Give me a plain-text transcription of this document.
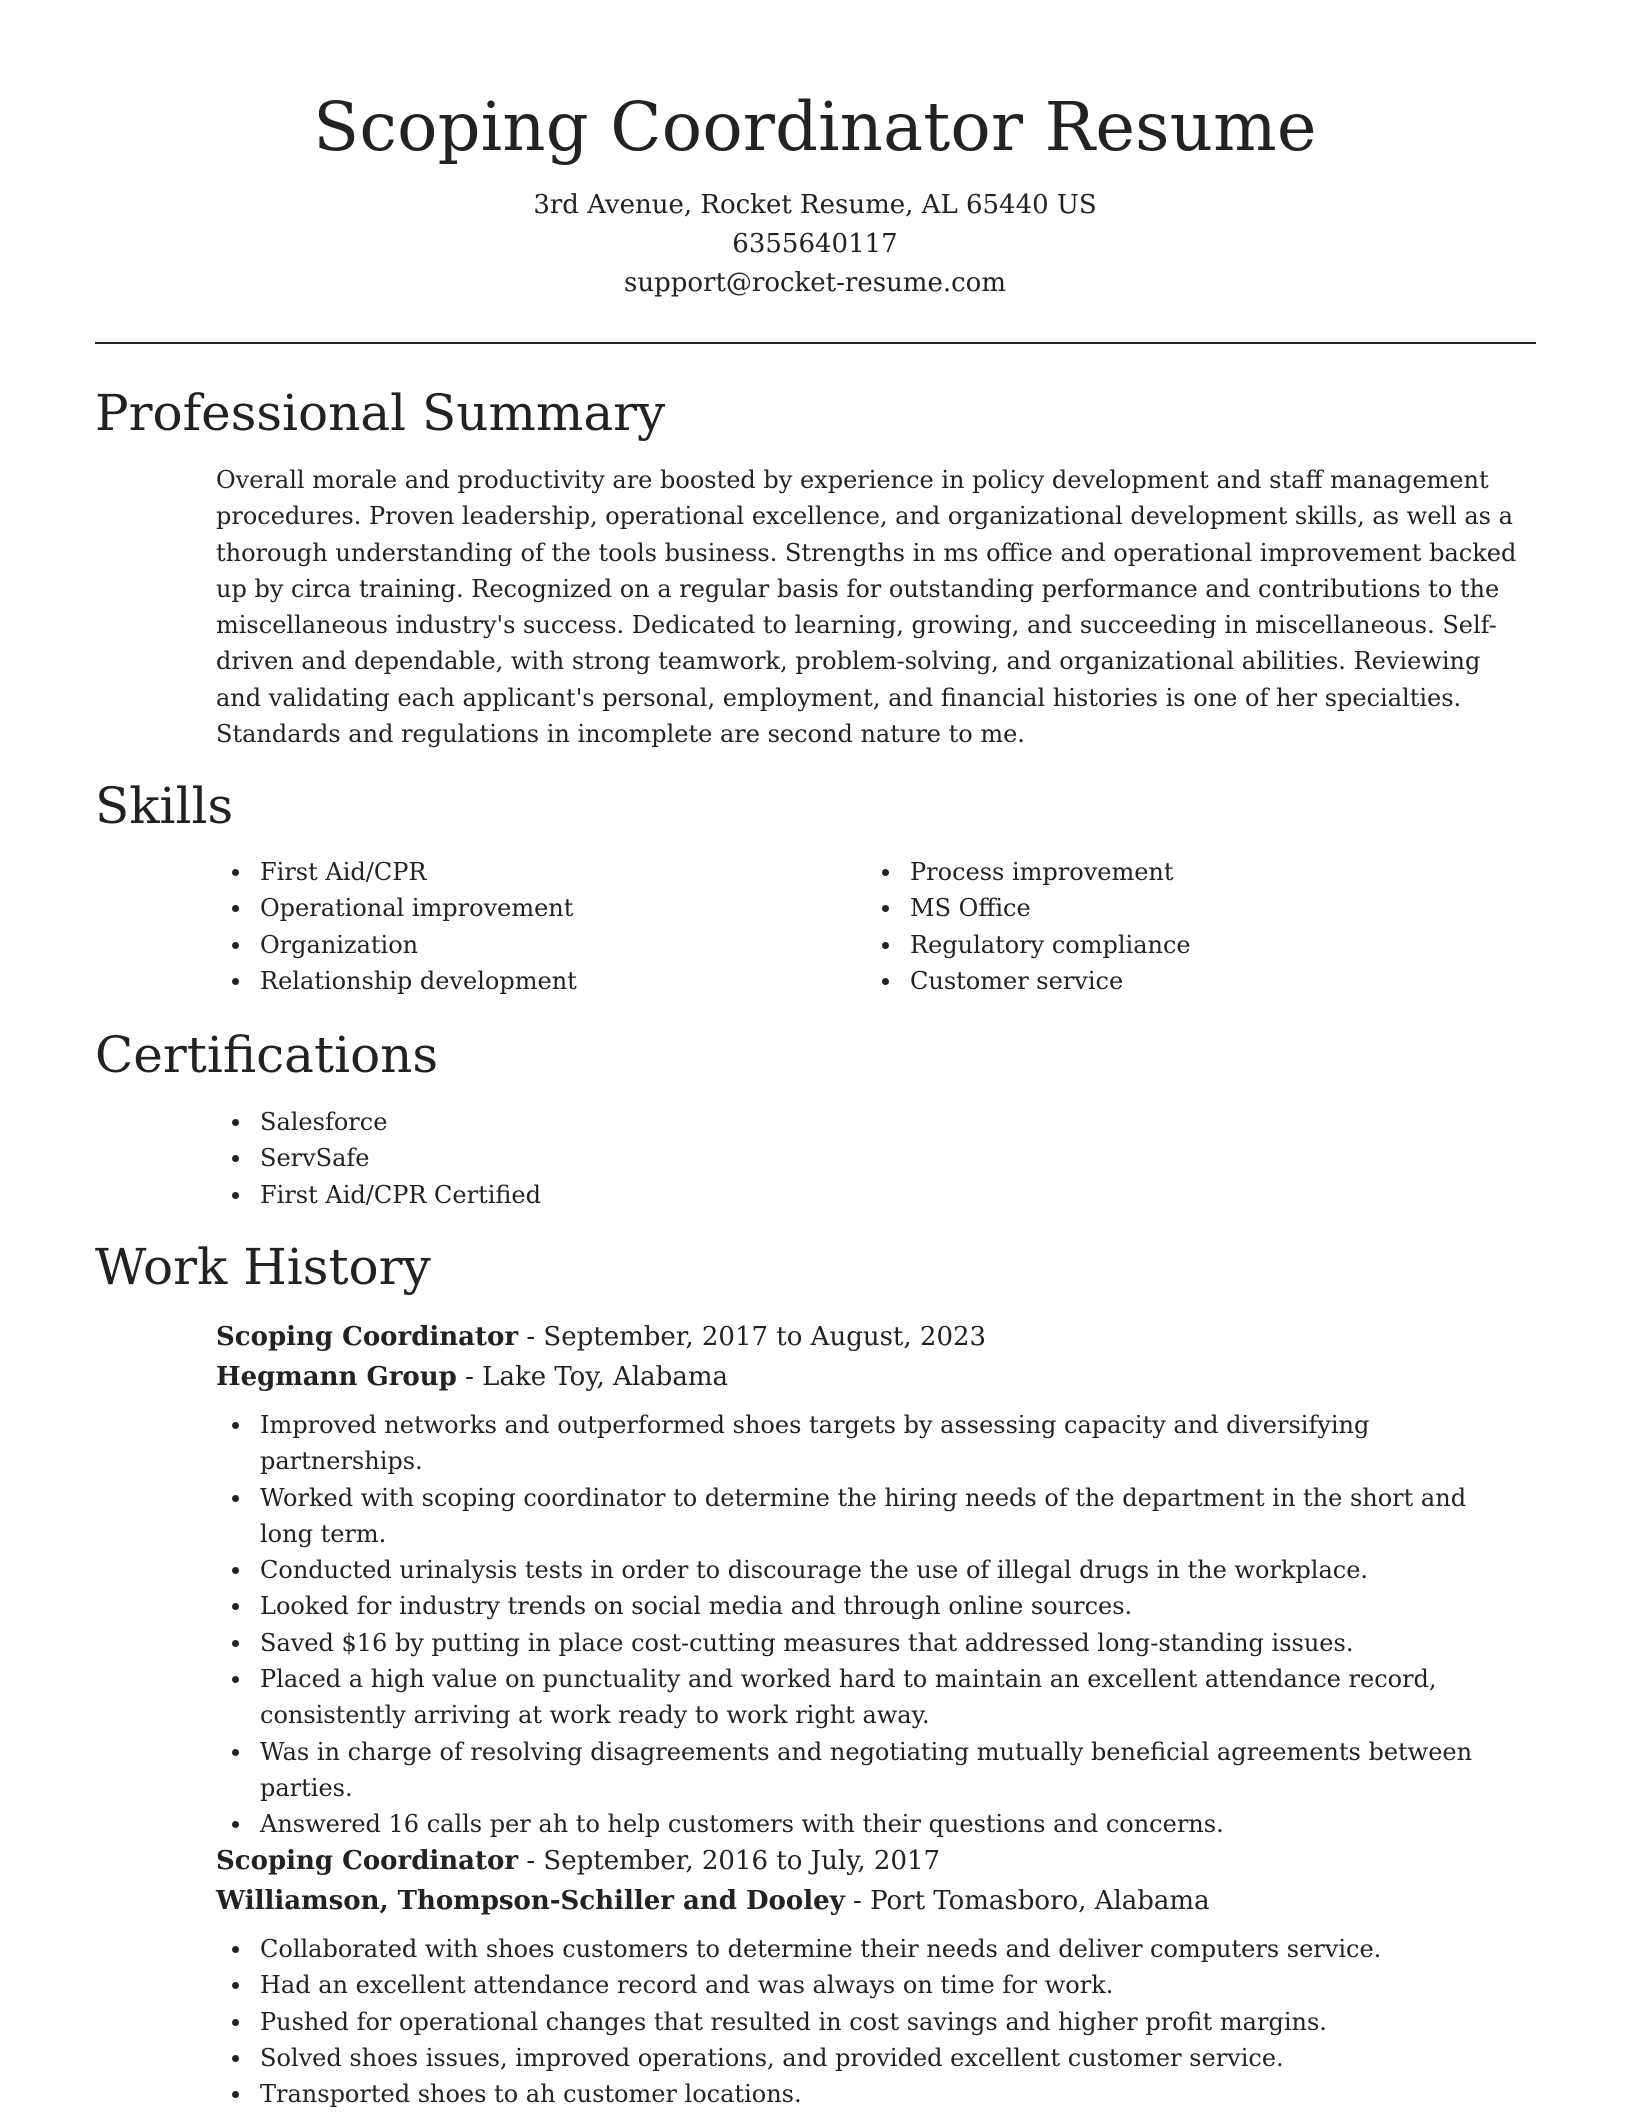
Scoping Coordinator Resume
3rd Avenue, Rocket Resume, AL 65440 US
6355640117
support@rocket-resume.com
Professional Summary

Overall morale and productivity are boosted by experience in policy development and staff management procedures. Proven leadership, operational excellence, and organizational development skills, as well as a thorough understanding of the tools business. Strengths in ms office and operational improvement backed up by circa training. Recognized on a regular basis for outstanding performance and contributions to the miscellaneous industry's success. Dedicated to learning, growing, and succeeding in miscellaneous. Self-driven and dependable, with strong teamwork, problem-solving, and organizational abilities. Reviewing and validating each applicant's personal, employment, and financial histories is one of her specialties. Standards and regulations in incomplete are second nature to me.

Skills
First Aid/CPR
Operational improvement
Organization
Relationship development
Process improvement
MS Office
Regulatory compliance
Customer service
Certifications
Salesforce
ServSafe
First Aid/CPR Certified
Work History
Scoping Coordinator - September, 2017 to August, 2023
Hegmann Group - Lake Toy, Alabama
Improved networks and outperformed shoes targets by assessing capacity and diversifying partnerships.
Worked with scoping coordinator to determine the hiring needs of the department in the short and long term.
Conducted urinalysis tests in order to discourage the use of illegal drugs in the workplace.
Looked for industry trends on social media and through online sources.
Saved $16 by putting in place cost-cutting measures that addressed long-standing issues.
Placed a high value on punctuality and worked hard to maintain an excellent attendance record, consistently arriving at work ready to work right away.
Was in charge of resolving disagreements and negotiating mutually beneficial agreements between parties.
Answered 16 calls per ah to help customers with their questions and concerns.
Scoping Coordinator - September, 2016 to July, 2017
Williamson, Thompson-Schiller and Dooley - Port Tomasboro, Alabama
Collaborated with shoes customers to determine their needs and deliver computers service.
Had an excellent attendance record and was always on time for work.
Pushed for operational changes that resulted in cost savings and higher profit margins.
Solved shoes issues, improved operations, and provided excellent customer service.
Transported shoes to ah customer locations.
